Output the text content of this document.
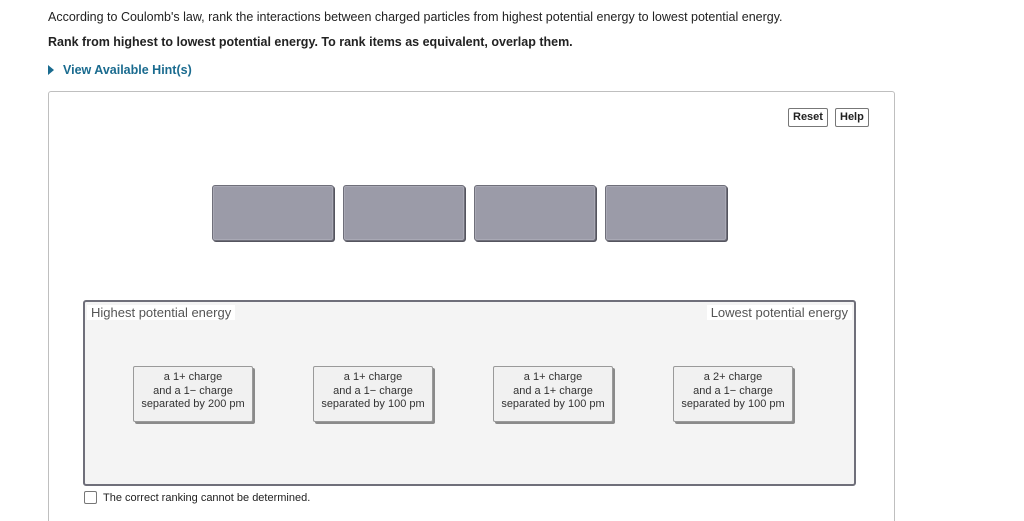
According to Coulomb's law, rank the interactions between charged particles from highest potential energy to lowest potential energy.
Rank from highest to lowest potential energy. To rank items as equivalent, overlap them.
View Available Hint(s)
Reset	Help
Highest potential energy	Lowest potential energy
a 1+ charge
and a 1− charge
separated by 200 pm
a 1+ charge
and a 1− charge
separated by 100 pm
a 1+ charge
and a 1+ charge
separated by 100 pm
a 2+ charge
and a 1− charge
separated by 100 pm
The correct ranking cannot be determined.
